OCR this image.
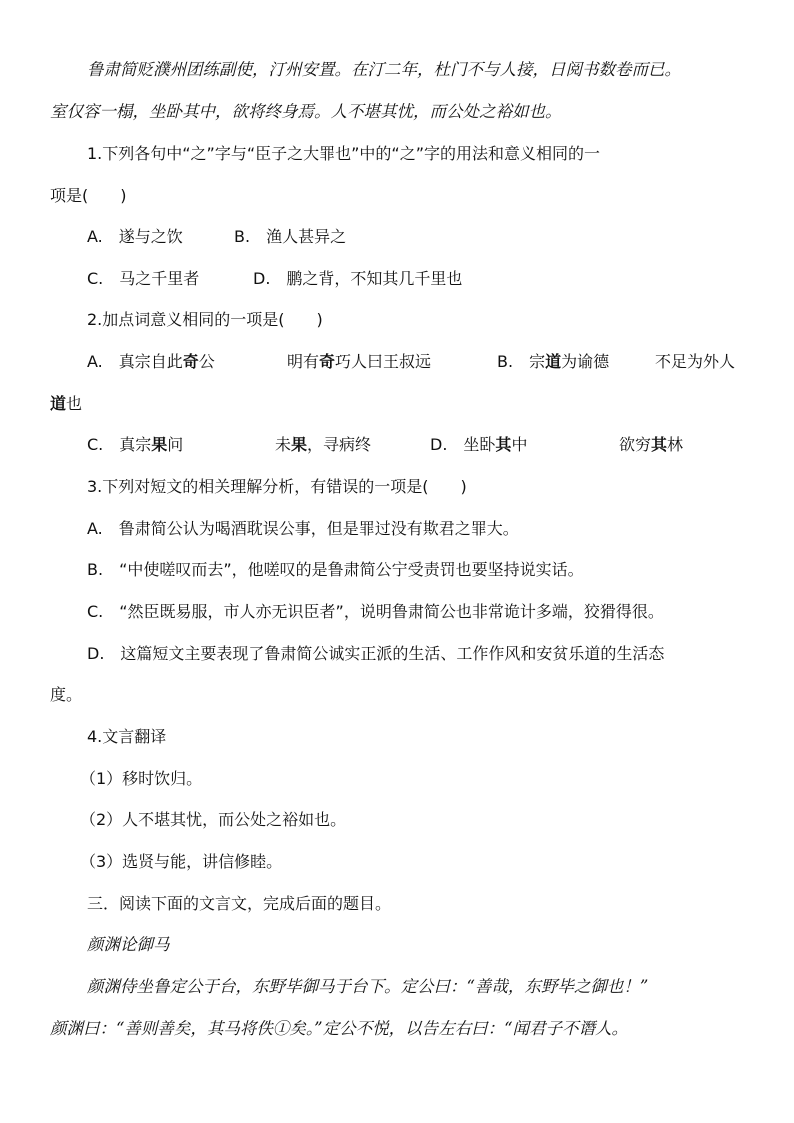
鲁肃简贬濮州团练副使，汀州安置。在汀二年，杜门不与人接，日阅书数卷而已。
室仅容一榻，坐卧其中，欲将终身焉。人不堪其忧，而公处之裕如也。
1.下列各句中“之”字与“臣子之大罪也”中的“之”字的用法和意义相同的一
项是(　　)
A.　遂与之饮	B.　渔人甚异之
C.　马之千里者	D.　鹏之背，不知其几千里也
2.加点词意义相同的一项是(　　)
A.　真宗自此奇公	明有奇巧人曰王叔远	B.　宗道为谕德	不足为外人
道也
C.　真宗果问	未果，寻病终	D.　坐卧其中	欲穷其林
3.下列对短文的相关理解分析，有错误的一项是(　　)
A.　鲁肃简公认为喝酒耽误公事，但是罪过没有欺君之罪大。
B.　“中使嗟叹而去”，他嗟叹的是鲁肃简公宁受责罚也要坚持说实话。
C.　“然臣既易服，市人亦无识臣者”，说明鲁肃简公也非常诡计多端，狡猾得很。
D.　这篇短文主要表现了鲁肃简公诚实正派的生活、工作作风和安贫乐道的生活态
度。
4.文言翻译
（1）移时饮归。
（2）人不堪其忧，而公处之裕如也。
（3）选贤与能，讲信修睦。
三．阅读下面的文言文，完成后面的题目。
颜渊论御马
颜渊侍坐鲁定公于台，东野毕御马于台下。定公曰：“善哉，东野毕之御也！”
颜渊曰：“善则善矣，其马将佚①矣。”定公不悦，以告左右曰：“闻君子不谮人。
